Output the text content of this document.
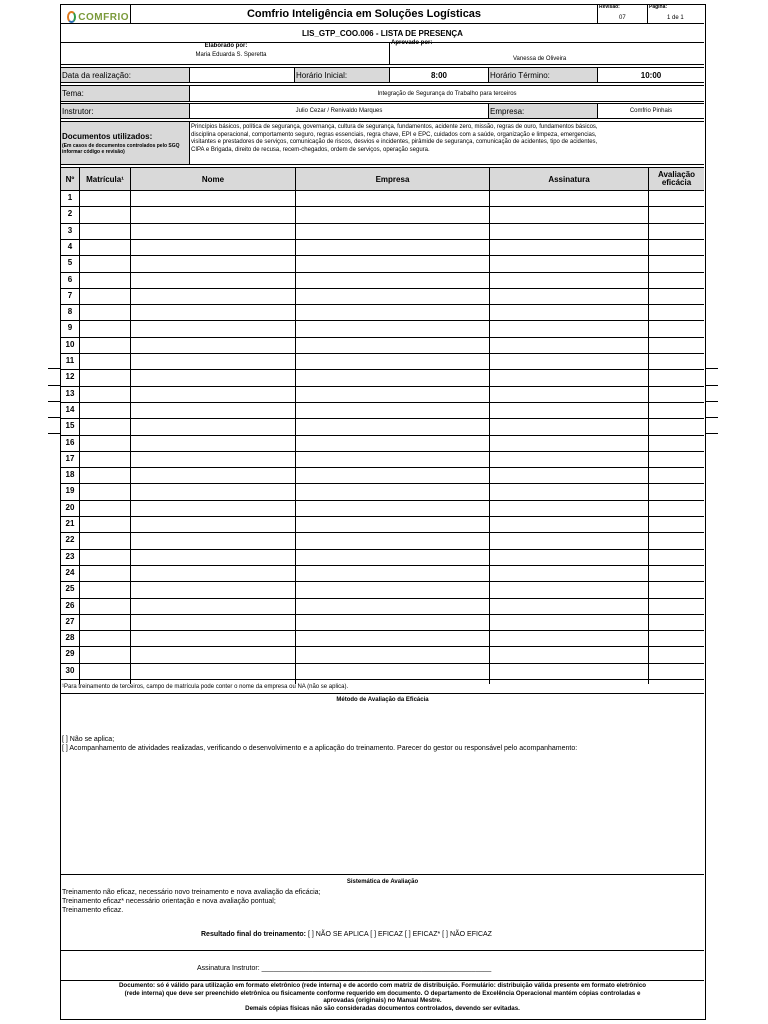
COMFRIO	Comfrio Inteligência em Soluções Logísticas
Revisão:
07
Página:
1 de 1
LIS_GTP_COO.006 - LISTA DE PRESENÇA
Elaborado por:
Maria Eduarda S. Speretta
Aprovado por:
Vanessa de Oliveira
Data da realização:	Horário Inicial:	8:00	Horário Término:	10:00
Tema:	Integração de Segurança do Trabalho para terceiros
Instrutor:	Julio Cezar / Renivaldo Marques	Empresa:	Comfrio Pinhais
Documentos utilizados:
(Em casos de documentos controlados pelo SGQ informar código e revisão)
Princípios básicos, política de segurança, governança, cultura de segurança, fundamentos, acidente zero, missão, regras de ouro, fundamentos básicos,
disciplina operacional, comportamento seguro, regras essenciais, regra chave, EPI e EPC, cuidados com a saúde, organização e limpeza, emergencias,
visitantes e prestadores de serviços, comunicação de riscos, desvios e incidentes, pirâmide de segurança, comunicação de acidentes, tipo de acidentes,
CIPA e Brigada, direito de recusa, recem-chegados, ordem de serviços, operação segura.
Nº	Matrícula¹	Nome	Empresa	Assinatura	Avaliação eficácia
1
2
3
4
5
6
7
8
9
10
11
12
13
14
15
16
17
18
19
20
21
22
23
24
25
26
27
28
29
30
¹Para treinamento de terceiros, campo de matrícula pode conter o nome da empresa ou NA (não se aplica).
Método de Avaliação da Eficácia
[ ] Não se aplica;
[ ] Acompanhamento de atividades realizadas, verificando o desenvolvimento e a aplicação do treinamento. Parecer do gestor ou responsável pelo acompanhamento:
Sistemática de Avaliação
Treinamento não eficaz, necessário novo treinamento e nova avaliação da eficácia;
Treinamento eficaz* necessário orientação e nova avaliação pontual;
Treinamento eficaz.
Resultado final do treinamento: [ ] NÃO SE APLICA [ ] EFICAZ [ ] EFICAZ* [ ] NÃO EFICAZ
Assinatura Instrutor: ___________________________________________________________
Documento: só é válido para utilização em formato eletrônico (rede interna) e de acordo com matriz de distribuição. Formulário: distribuição válida presente em formato eletrônico
(rede interna) que deve ser preenchido eletrônica ou fisicamente conforme requerido em documento. O departamento de Excelência Operacional mantém cópias controladas e
aprovadas (originais) no Manual Mestre.
Demais cópias físicas não são consideradas documentos controlados, devendo ser evitadas.
